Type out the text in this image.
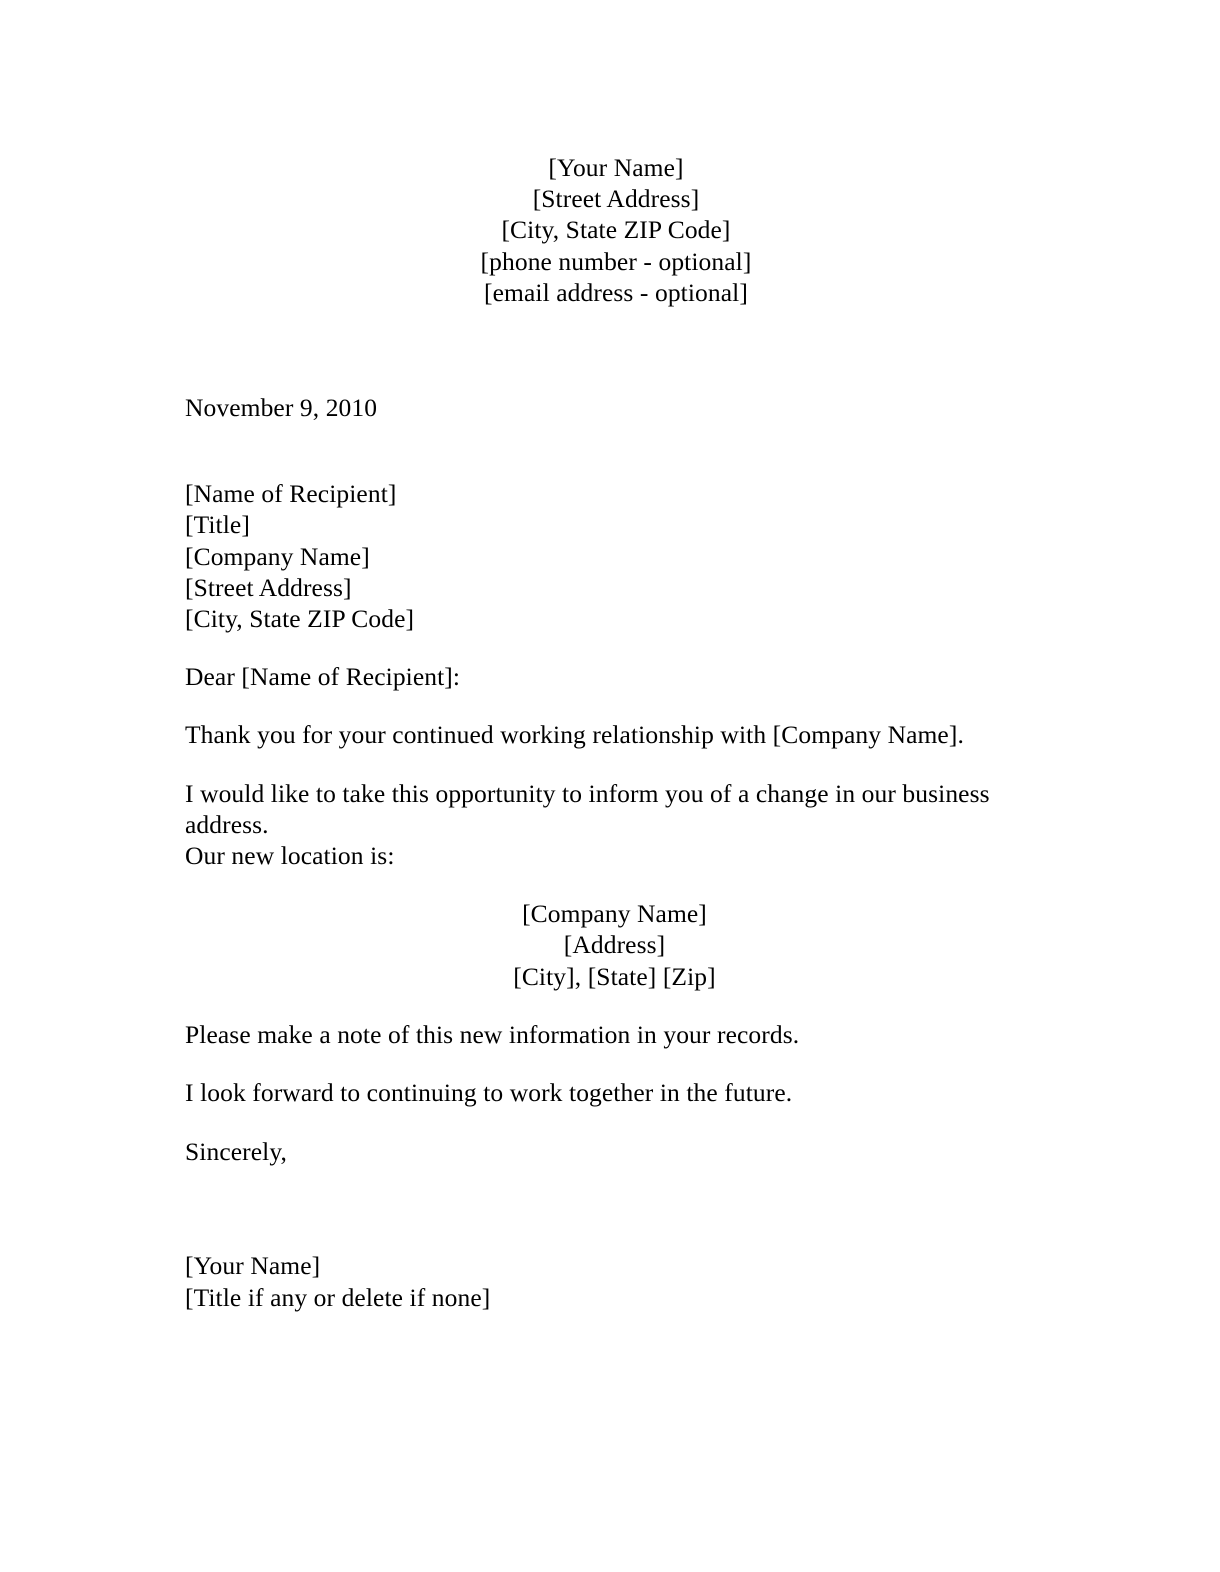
[Your Name]
[Street Address]
[City, State ZIP Code]
[phone number - optional]
[email address - optional]
November 9, 2010
[Name of Recipient]
[Title]
[Company Name]
[Street Address]
[City, State ZIP Code]
Dear [Name of Recipient]:
Thank you for your continued working relationship with [Company Name].
I would like to take this opportunity to inform you of a change in our business
address.
Our new location is:
[Company Name]
[Address]
[City], [State] [Zip]
Please make a note of this new information in your records.
I look forward to continuing to work together in the future.
Sincerely,
[Your Name]
[Title if any or delete if none]
